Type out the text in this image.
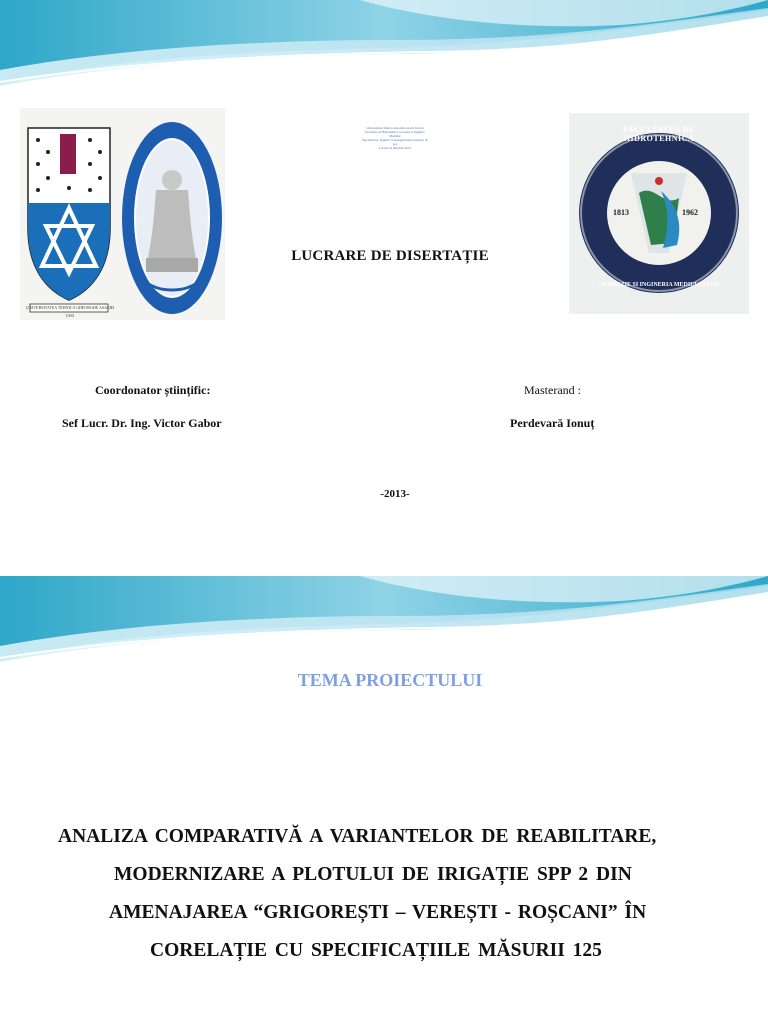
UNIVERSITATEA TEHNICA GHEORGHE ASACHI IASI
Universitatea Tehnica Gheorghe Asachi din Iasi
Facultatea de Hidrotehnica, Geodezie si Ingineria Mediului
Specializarea: Ingineria si managementul resurselor de apa
Lucrare de disertatie 2013
1813	1962
FACULTATEA DE HIDROTEHNICA
GEODEZIE SI INGINERIA MEDIULUI IASI
LUCRARE DE DISERTAȚIE
Coordonator științific:
Sef Lucr. Dr. Ing. Victor Gabor
Masterand :
Perdevară Ionuț
-2013-
TEMA PROIECTULUI
ANALIZA COMPARATIVĂ A VARIANTELOR DE REABILITARE,
MODERNIZARE A PLOTULUI DE IRIGAȚIE SPP 2 DIN
AMENAJAREA “GRIGOREȘTI – VEREȘTI - ROȘCANI” ÎN
CORELAȚIE CU SPECIFICAȚIILE MĂSURII 125
